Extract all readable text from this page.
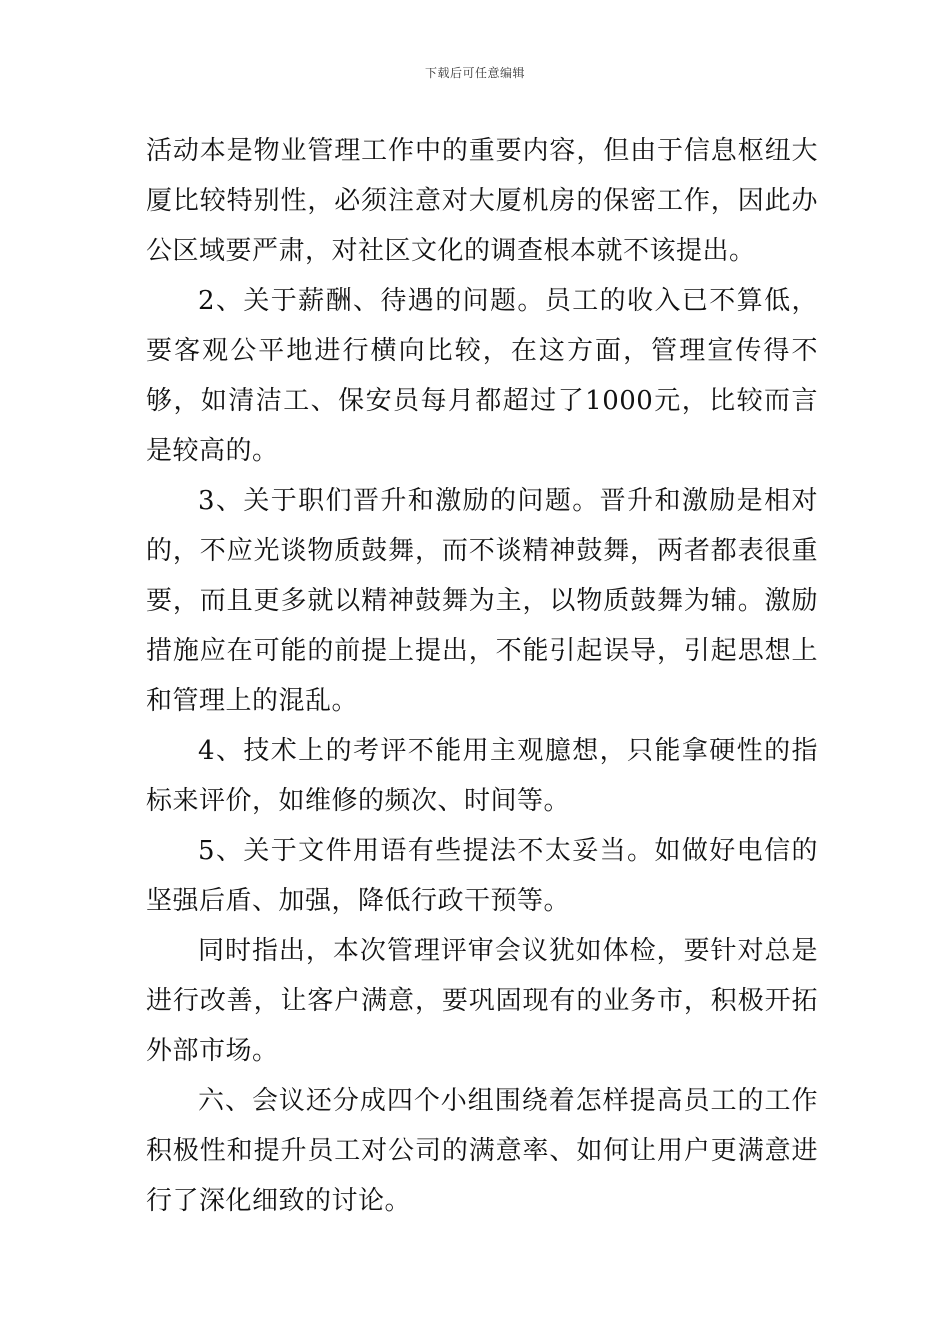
下载后可任意编辑

活动本是物业管理工作中的重要内容，但由于信息枢纽大厦比较特别性，必须注意对大厦机房的保密工作，因此办公区域要严肃，对社区文化的调查根本就不该提出。

2、关于薪酬、待遇的问题。员工的收入已不算低，要客观公平地进行横向比较，在这方面，管理宣传得不够，如清洁工、保安员每月都超过了1000元，比较而言是较高的。

3、关于职们晋升和激励的问题。晋升和激励是相对的，不应光谈物质鼓舞，而不谈精神鼓舞，两者都表很重要，而且更多就以精神鼓舞为主，以物质鼓舞为辅。激励措施应在可能的前提上提出，不能引起误导，引起思想上和管理上的混乱。

4、技术上的考评不能用主观臆想，只能拿硬性的指标来评价，如维修的频次、时间等。

5、关于文件用语有些提法不太妥当。如做好电信的坚强后盾、加强，降低行政干预等。

同时指出，本次管理评审会议犹如体检，要针对总是进行改善，让客户满意，要巩固现有的业务市，积极开拓外部市场。

六、会议还分成四个小组围绕着怎样提高员工的工作积极性和提升员工对公司的满意率、如何让用户更满意进行了深化细致的讨论。
